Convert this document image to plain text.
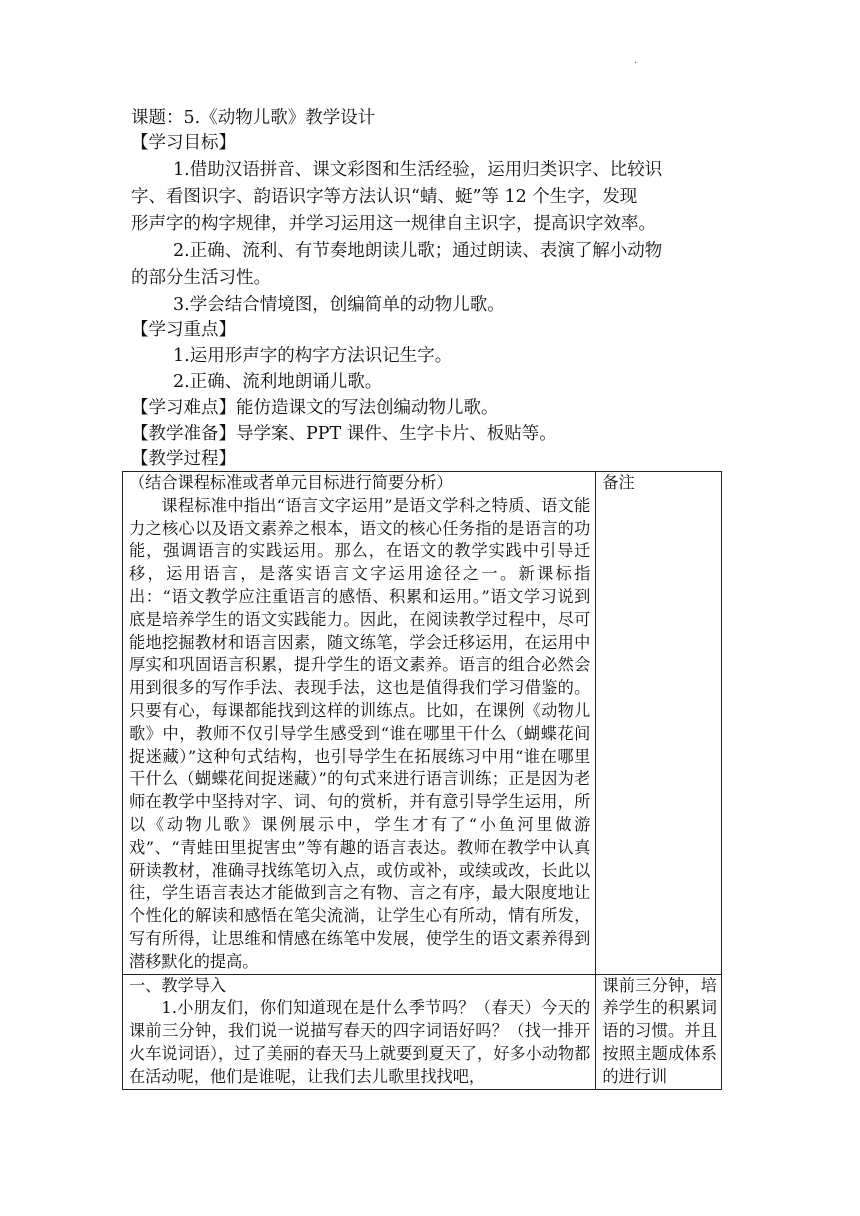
·
课题：5.《动物儿歌》教学设计
【学习目标】
1.借助汉语拼音、课文彩图和生活经验，运用归类识字、比较识
字、看图识字、韵语识字等方法认识“蜻、蜓”等 12 个生字，发现
形声字的构字规律，并学习运用这一规律自主识字，提高识字效率。
2.正确、流利、有节奏地朗读儿歌；通过朗读、表演了解小动物
的部分生活习性。
3.学会结合情境图，创编简单的动物儿歌。
【学习重点】
1.运用形声字的构字方法识记生字。
2.正确、流利地朗诵儿歌。
【学习难点】能仿造课文的写法创编动物儿歌。
【教学准备】导学案、PPT 课件、生字卡片、板贴等。
【教学过程】

（结合课程标准或者单元目标进行简要分析）

课程标准中指出“语言文字运用”是语文学科之特质、语文能力之核心以及语文素养之根本，语文的核心任务指的是语言的功能，强调语言的实践运用。那么，在语文的教学实践中引导迁移，运用语言，是落实语言文字运用途径之一。新课标指出：“语文教学应注重语言的感悟、积累和运用。”语文学习说到底是培养学生的语文实践能力。因此，在阅读教学过程中，尽可能地挖掘教材和语言因素，随文练笔，学会迁移运用，在运用中厚实和巩固语言积累，提升学生的语文素养。语言的组合必然会用到很多的写作手法、表现手法，这也是值得我们学习借鉴的。只要有心，每课都能找到这样的训练点。比如，在课例《动物儿歌》中，教师不仅引导学生感受到“谁在哪里干什么（蝴蝶花间捉迷藏）”这种句式结构，也引导学生在拓展练习中用“谁在哪里干什么（蝴蝶花间捉迷藏）”的句式来进行语言训练；正是因为老师在教学中坚持对字、词、句的赏析，并有意引导学生运用，所以《动物儿歌》课例展示中，学生才有了“小鱼河里做游戏”、“青蛙田里捉害虫”等有趣的语言表达。教师在教学中认真研读教材，准确寻找练笔切入点，或仿或补，或续或改，长此以往，学生语言表达才能做到言之有物、言之有序，最大限度地让个性化的解读和感悟在笔尖流淌，让学生心有所动，情有所发，写有所得，让思维和情感在练笔中发展，使学生的语文素养得到潜移默化的提高。	备注

一、教学导入

1.小朋友们，你们知道现在是什么季节吗？（春天）今天的课前三分钟，我们说一说描写春天的四字词语好吗？（找一排开火车说词语），过了美丽的春天马上就要到夏天了，好多小动物都在活动呢，他们是谁呢，让我们去儿歌里找找吧，	课前三分钟，培养学生的积累词语的习惯。并且按照主题成体系的进行训
